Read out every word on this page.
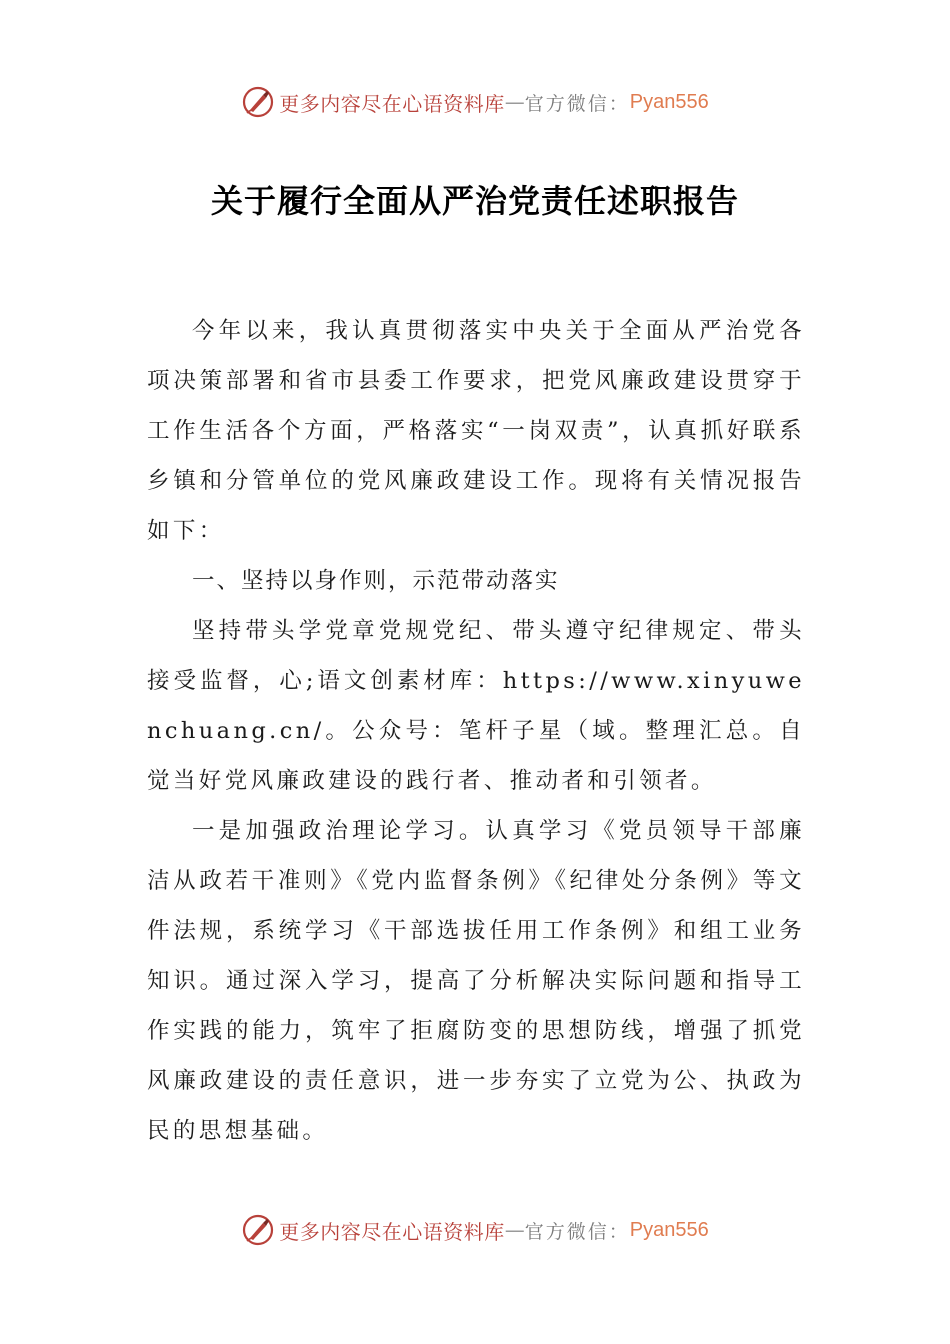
更多内容尽在心语资料库 — 官方微信： Pyan556
关于履行全面从严治党责任述职报告

今年以来，我认真贯彻落实中央关于全面从严治党各项决策部署和省市县委工作要求，把党风廉政建设贯穿于工作生活各个方面，严格落实“一岗双责”，认真抓好联系乡镇和分管单位的党风廉政建设工作。现将有关情况报告如下：

一、坚持以身作则，示范带动落实

坚持带头学党章党规党纪、带头遵守纪律规定、带头接受监督，心;语文创素材库：https://www.xinyuwenchuang.cn/。公众号：笔杆子星（域。整理汇总。自觉当好党风廉政建设的践行者、推动者和引领者。

一是加强政治理论学习。认真学习《党员领导干部廉洁从政若干准则》《党内监督条例》《纪律处分条例》等文件法规，系统学习《干部选拔任用工作条例》和组工业务知识。通过深入学习，提高了分析解决实际问题和指导工作实践的能力，筑牢了拒腐防变的思想防线，增强了抓党风廉政建设的责任意识，进一步夯实了立党为公、执政为民的思想基础。

更多内容尽在心语资料库 — 官方微信： Pyan556
